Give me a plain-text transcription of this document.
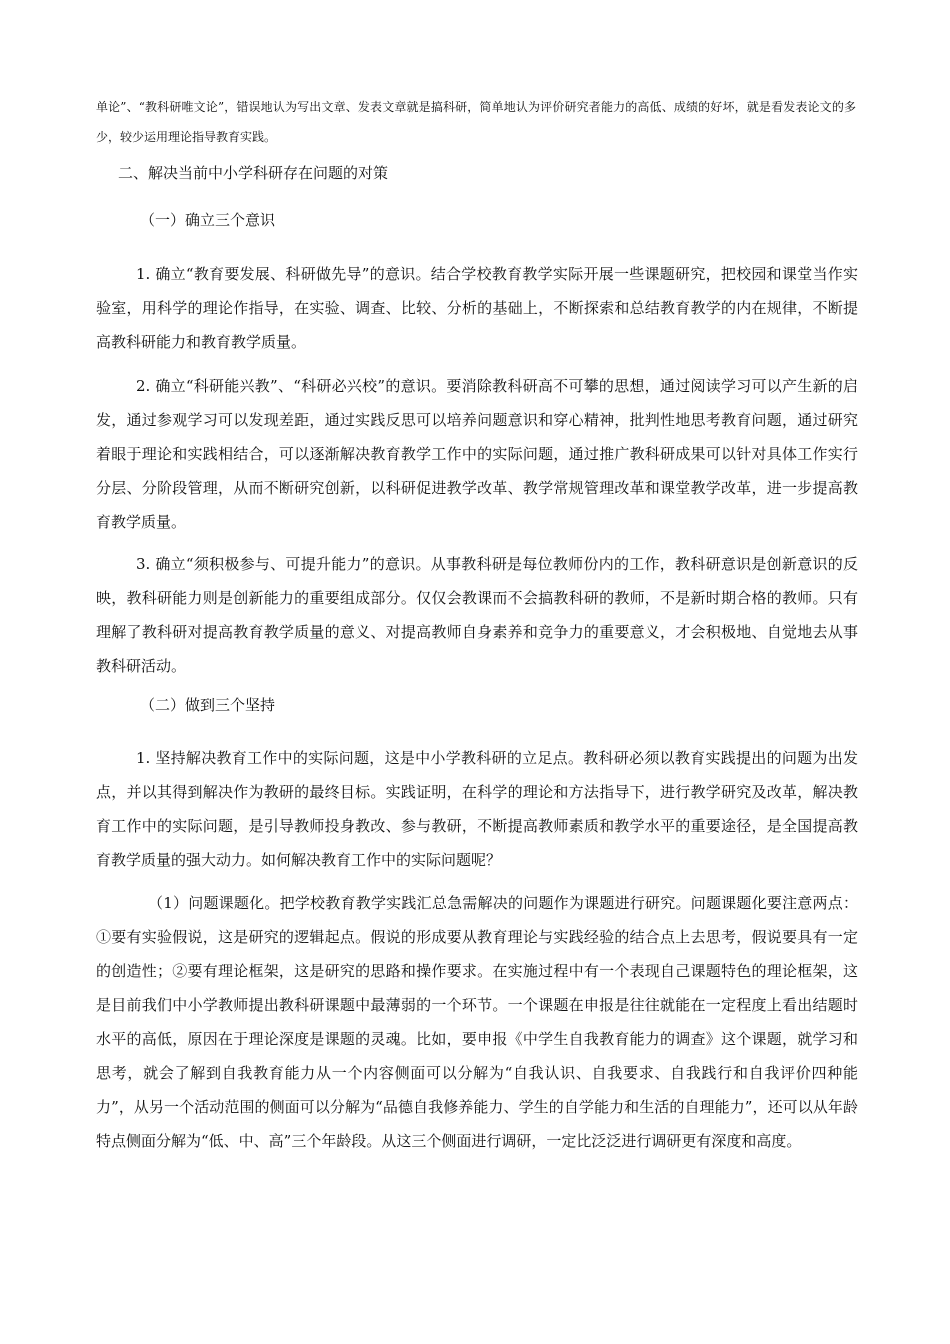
单论”、“教科研唯文论”，错误地认为写出文章、发表文章就是搞科研，简单地认为评价研究者能力的高低、成绩的好坏，就是看发表论文的多少，较少运用理论指导教育实践。

二、解决当前中小学科研存在问题的对策

（一）确立三个意识

1. 确立“教育要发展、科研做先导”的意识。结合学校教育教学实际开展一些课题研究，把校园和课堂当作实验室，用科学的理论作指导，在实验、调查、比较、分析的基础上，不断探索和总结教育教学的内在规律，不断提高教科研能力和教育教学质量。

2. 确立“科研能兴教”、“科研必兴校”的意识。要消除教科研高不可攀的思想，通过阅读学习可以产生新的启发，通过参观学习可以发现差距，通过实践反思可以培养问题意识和穿心精神，批判性地思考教育问题，通过研究着眼于理论和实践相结合，可以逐渐解决教育教学工作中的实际问题，通过推广教科研成果可以针对具体工作实行分层、分阶段管理，从而不断研究创新，以科研促进教学改革、教学常规管理改革和课堂教学改革，进一步提高教育教学质量。

3. 确立“须积极参与、可提升能力”的意识。从事教科研是每位教师份内的工作，教科研意识是创新意识的反映，教科研能力则是创新能力的重要组成部分。仅仅会教课而不会搞教科研的教师，不是新时期合格的教师。只有理解了教科研对提高教育教学质量的意义、对提高教师自身素养和竞争力的重要意义，才会积极地、自觉地去从事教科研活动。

（二）做到三个坚持

1. 坚持解决教育工作中的实际问题，这是中小学教科研的立足点。教科研必须以教育实践提出的问题为出发点，并以其得到解决作为教研的最终目标。实践证明，在科学的理论和方法指导下，进行教学研究及改革，解决教育工作中的实际问题，是引导教师投身教改、参与教研，不断提高教师素质和教学水平的重要途径，是全国提高教育教学质量的强大动力。如何解决教育工作中的实际问题呢？

（1）问题课题化。把学校教育教学实践汇总急需解决的问题作为课题进行研究。问题课题化要注意两点：①要有实验假说，这是研究的逻辑起点。假说的形成要从教育理论与实践经验的结合点上去思考，假说要具有一定的创造性；②要有理论框架，这是研究的思路和操作要求。在实施过程中有一个表现自己课题特色的理论框架，这是目前我们中小学教师提出教科研课题中最薄弱的一个环节。一个课题在申报是往往就能在一定程度上看出结题时水平的高低，原因在于理论深度是课题的灵魂。比如，要申报《中学生自我教育能力的调查》这个课题，就学习和思考，就会了解到自我教育能力从一个内容侧面可以分解为“自我认识、自我要求、自我践行和自我评价四种能力”，从另一个活动范围的侧面可以分解为“品德自我修养能力、学生的自学能力和生活的自理能力”，还可以从年龄特点侧面分解为“低、中、高”三个年龄段。从这三个侧面进行调研，一定比泛泛进行调研更有深度和高度。
